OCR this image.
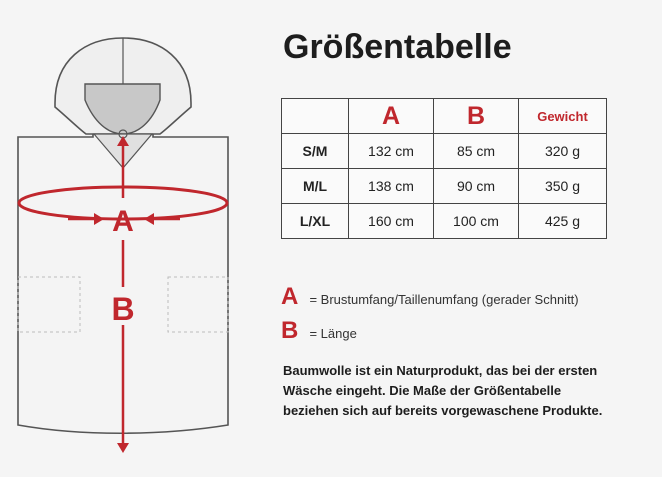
A
B
Größentabelle
	A	B	Gewicht
S/M	132 cm	85 cm	320 g
M/L	138 cm	90 cm	350 g
L/XL	160 cm	100 cm	425 g
A = Brustumfang/Taillenumfang (gerader Schnitt)
B = Länge
Baumwolle ist ein Naturprodukt, das bei der ersten
Wäsche eingeht. Die Maße der Größentabelle
beziehen sich auf bereits vorgewaschene Produkte.
